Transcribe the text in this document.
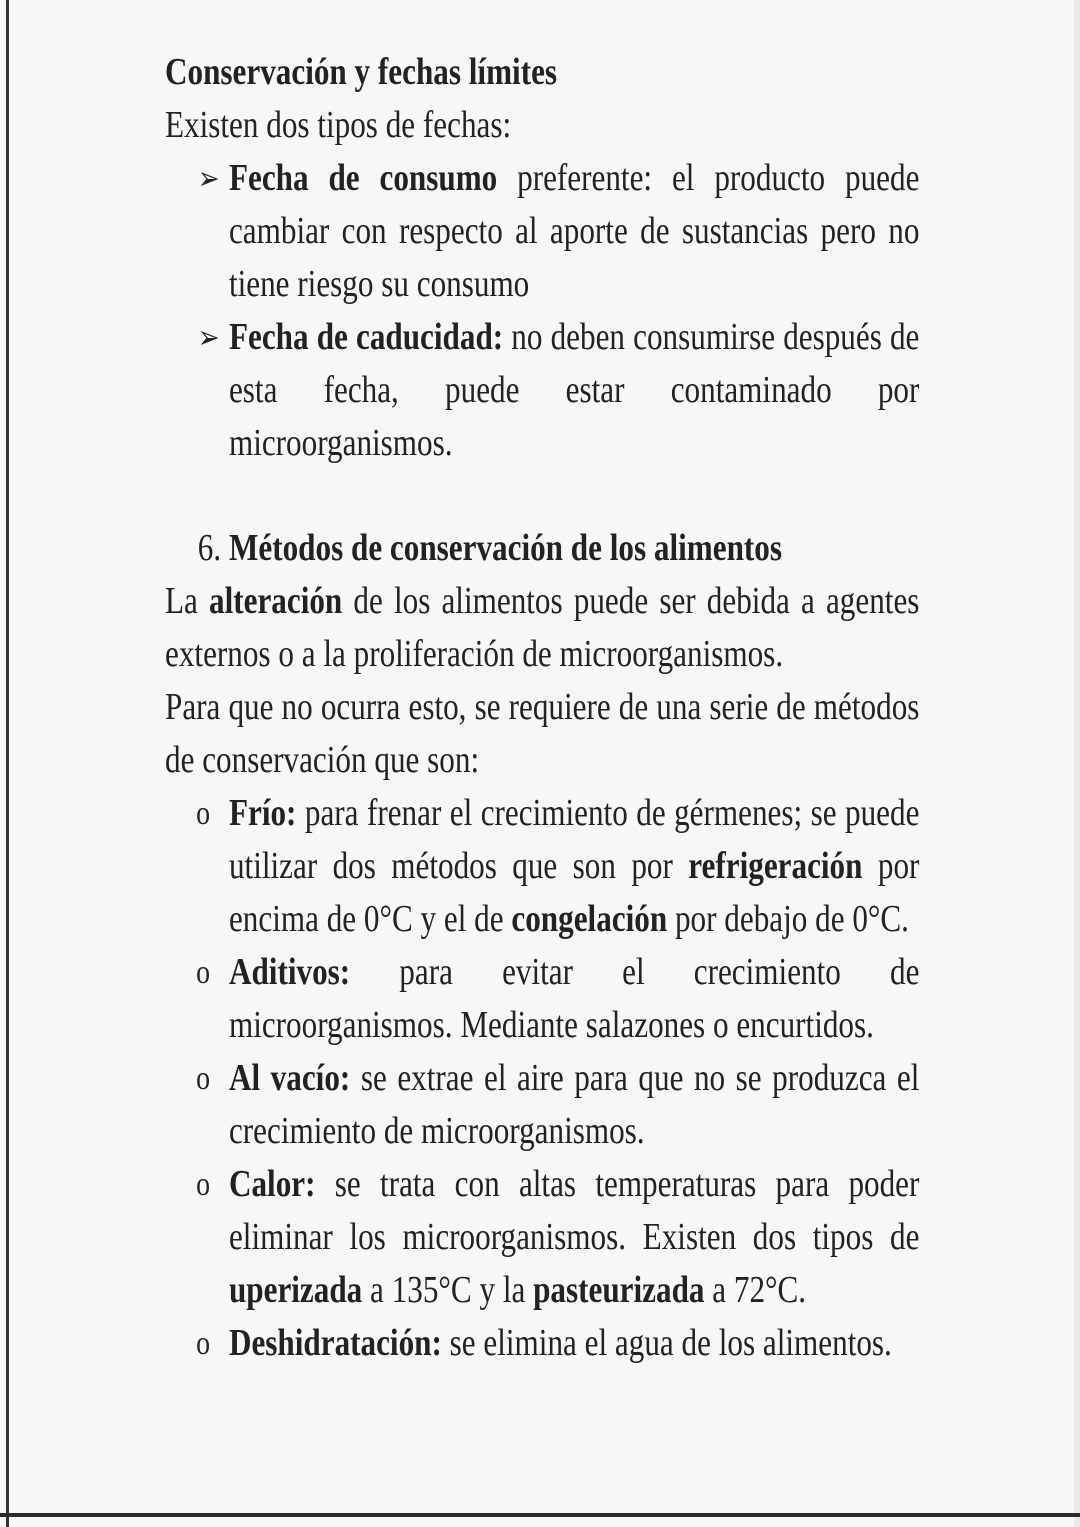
Conservación y fechas límites

Existen dos tipos de fechas:

➢ Fecha de consumo preferente: el producto puede cambiar con respecto al aporte de sustancias pero no tiene riesgo su consumo
➢ Fecha de caducidad: no deben consumirse después de esta fecha, puede estar contaminado por microorganismos.

6. Métodos de conservación de los alimentos

La alteración de los alimentos puede ser debida a agentes externos o a la proliferación de microorganismos.

Para que no ocurra esto, se requiere de una serie de métodos de conservación que son:

o Frío: para frenar el crecimiento de gérmenes; se puede utilizar dos métodos que son por refrigeración por encima de 0°C y el de congelación por debajo de 0°C.
o Aditivos: para evitar el crecimiento de microorganismos. Mediante salazones o encurtidos.
o Al vacío: se extrae el aire para que no se produzca el crecimiento de microorganismos.
o Calor: se trata con altas temperaturas para poder eliminar los microorganismos. Existen dos tipos de uperizada a 135°C y la pasteurizada a 72°C.
o Deshidratación: se elimina el agua de los alimentos.
